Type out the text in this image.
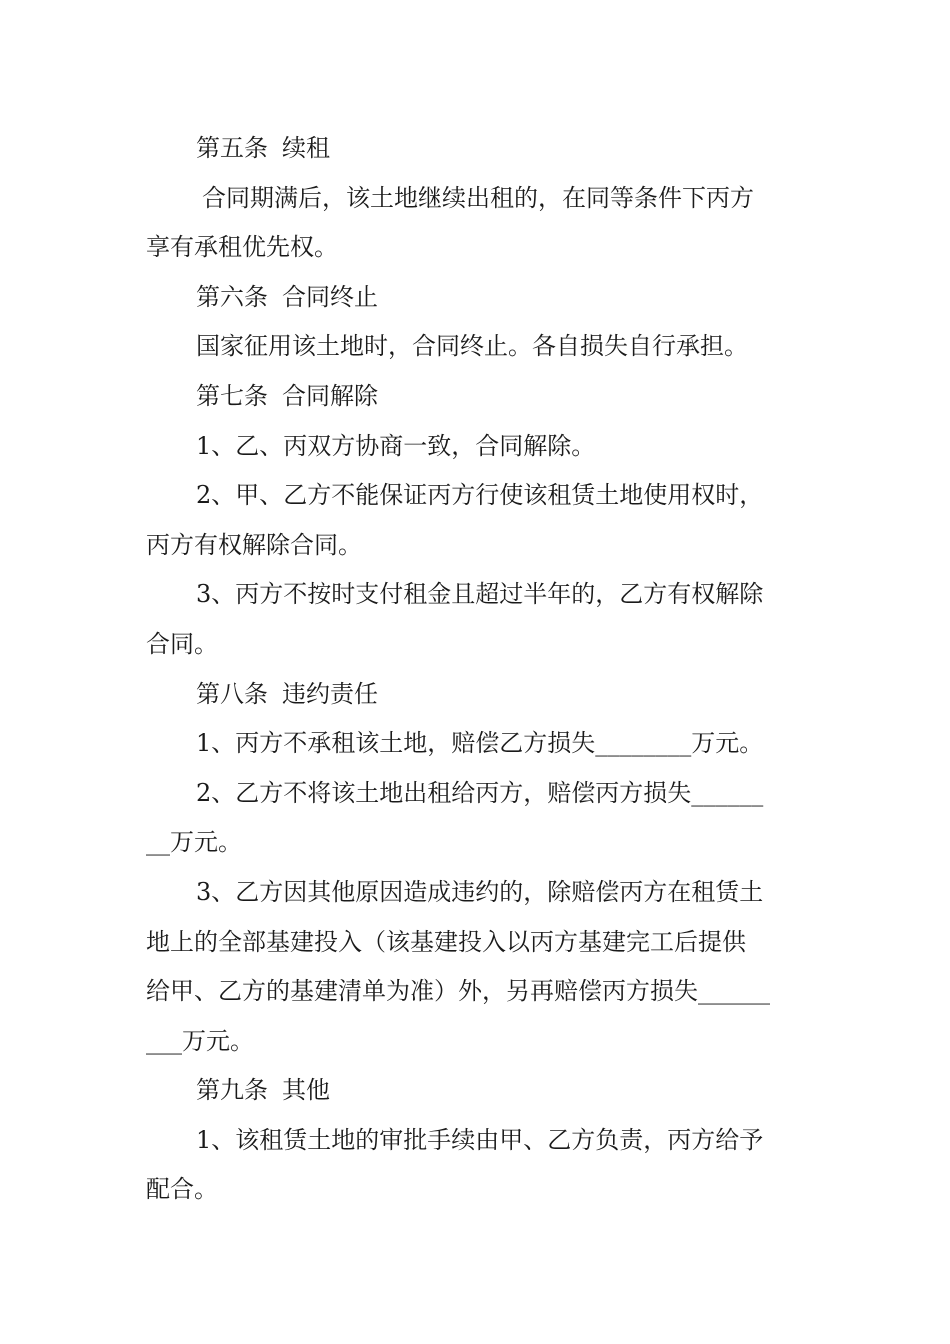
第五条 续租
合同期满后，该土地继续出租的，在同等条件下丙方
享有承租优先权。
第六条 合同终止
国家征用该土地时，合同终止。各自损失自行承担。
第七条 合同解除
1、乙、丙双方协商一致，合同解除。
2、甲、乙方不能保证丙方行使该租赁土地使用权时，
丙方有权解除合同。
3、丙方不按时支付租金且超过半年的，乙方有权解除
合同。
第八条 违约责任
1、丙方不承租该土地，赔偿乙方损失________万元。
2、乙方不将该土地出租给丙方，赔偿丙方损失______
__万元。
3、乙方因其他原因造成违约的，除赔偿丙方在租赁土
地上的全部基建投入（该基建投入以丙方基建完工后提供
给甲、乙方的基建清单为准）外，另再赔偿丙方损失______
___万元。
第九条 其他
1、该租赁土地的审批手续由甲、乙方负责，丙方给予
配合。
